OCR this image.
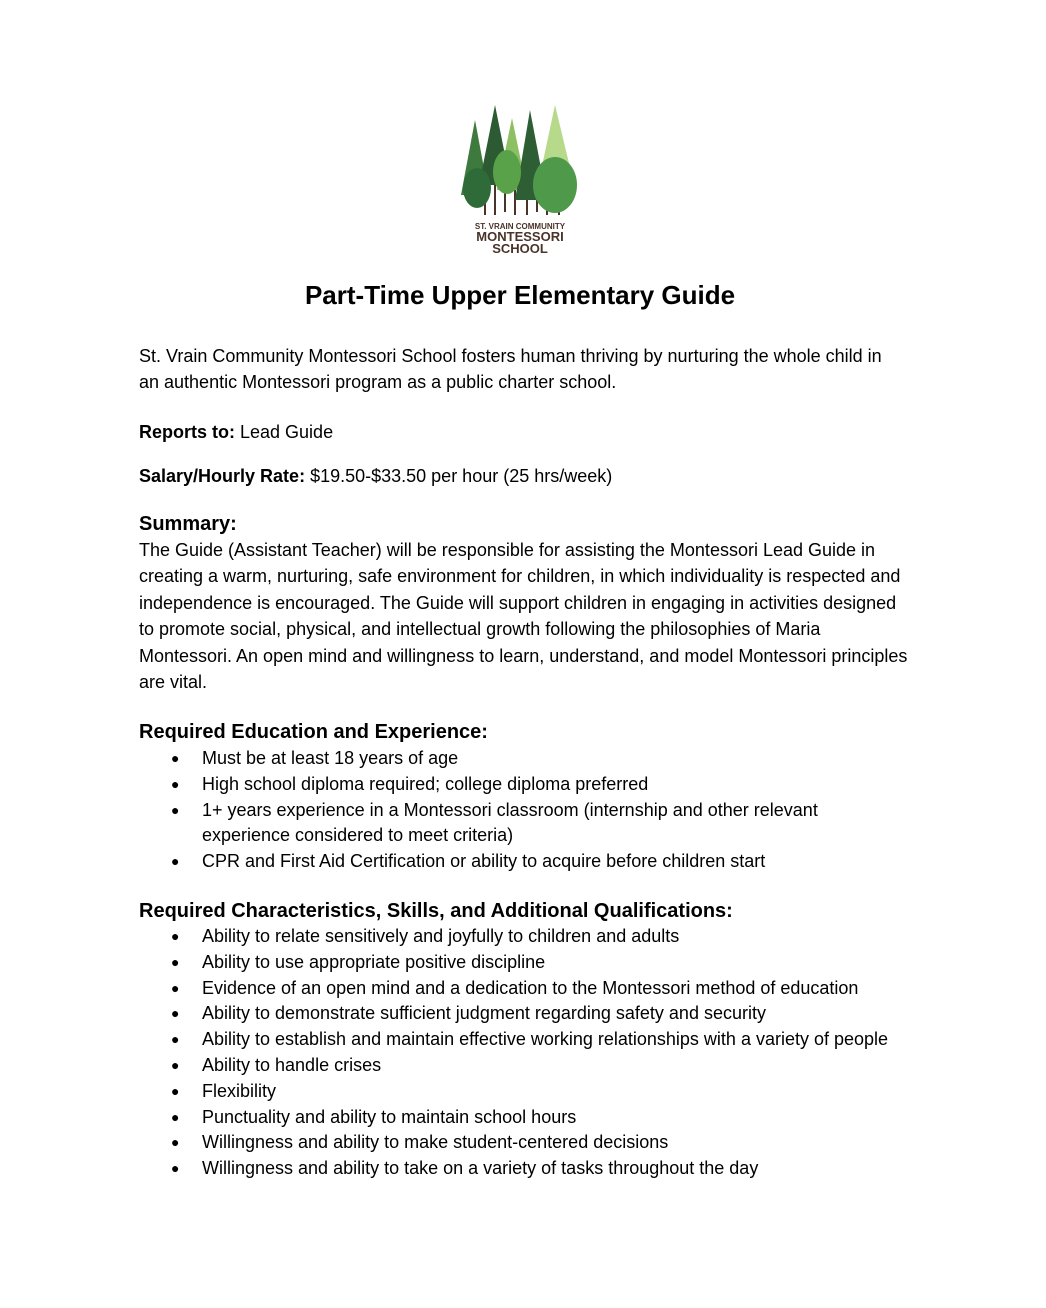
ST. VRAIN COMMUNITY
MONTESSORI
SCHOOL
Part-Time Upper Elementary Guide
St. Vrain Community Montessori School fosters human thriving by nurturing the whole child in an authentic Montessori program as a public charter school.
Reports to: Lead Guide
Salary/Hourly Rate: $19.50-$33.50 per hour (25 hrs/week)
Summary:
The Guide (Assistant Teacher) will be responsible for assisting the Montessori Lead Guide in creating a warm, nurturing, safe environment for children, in which individuality is respected and independence is encouraged. The Guide will support children in engaging in activities designed to promote social, physical, and intellectual growth following the philosophies of Maria Montessori. An open mind and willingness to learn, understand, and model Montessori principles are vital.
Required Education and Experience:
● Must be at least 18 years of age
● High school diploma required; college diploma preferred
● 1+ years experience in a Montessori classroom (internship and other relevant experience considered to meet criteria)
● CPR and First Aid Certification or ability to acquire before children start
Required Characteristics, Skills, and Additional Qualifications:
● Ability to relate sensitively and joyfully to children and adults
● Ability to use appropriate positive discipline
● Evidence of an open mind and a dedication to the Montessori method of education
● Ability to demonstrate sufficient judgment regarding safety and security
● Ability to establish and maintain effective working relationships with a variety of people
● Ability to handle crises
● Flexibility
● Punctuality and ability to maintain school hours
● Willingness and ability to make student-centered decisions
● Willingness and ability to take on a variety of tasks throughout the day
